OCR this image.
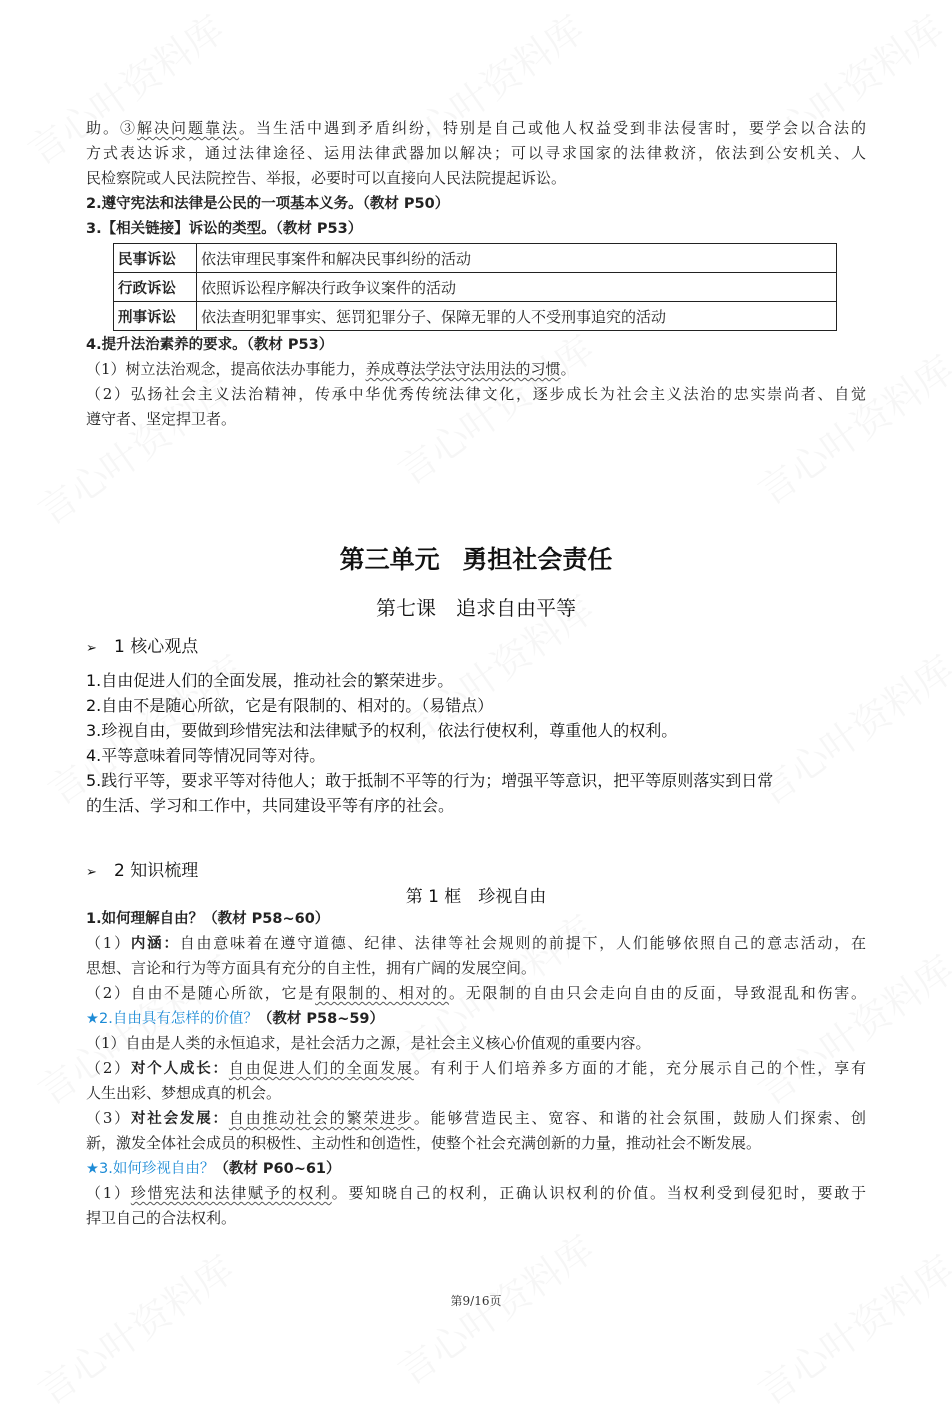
助。③解决问题靠法。当生活中遇到矛盾纠纷，特别是自己或他人权益受到非法侵害时，要学会以合法的
方式表达诉求，通过法律途径、运用法律武器加以解决；可以寻求国家的法律救济，依法到公安机关、人
民检察院或人民法院控告、举报，必要时可以直接向人民法院提起诉讼。
2.遵守宪法和法律是公民的一项基本义务。（教材 P50）
3.【相关链接】诉讼的类型。（教材 P53）
民事诉讼	依法审理民事案件和解决民事纠纷的活动
行政诉讼	依照诉讼程序解决行政争议案件的活动
刑事诉讼	依法查明犯罪事实、惩罚犯罪分子、保障无罪的人不受刑事追究的活动
4.提升法治素养的要求。（教材 P53）
（1）树立法治观念，提高依法办事能力，养成尊法学法守法用法的习惯。
（2）弘扬社会主义法治精神，传承中华优秀传统法律文化，逐步成长为社会主义法治的忠实崇尚者、自觉
遵守者、坚定捍卫者。
第三单元 勇担社会责任
第七课　追求自由平等
➢ 1 核心观点
1.自由促进人们的全面发展，推动社会的繁荣进步。
2.自由不是随心所欲，它是有限制的、相对的。（易错点）
3.珍视自由，要做到珍惜宪法和法律赋予的权利，依法行使权利，尊重他人的权利。
4.平等意味着同等情况同等对待。
5.践行平等，要求平等对待他人；敢于抵制不平等的行为；增强平等意识，把平等原则落实到日常
的生活、学习和工作中，共同建设平等有序的社会。
➢ 2 知识梳理
第 1 框　珍视自由
1.如何理解自由？（教材 P58~60）
（1）内涵：自由意味着在遵守道德、纪律、法律等社会规则的前提下，人们能够依照自己的意志活动，在
思想、言论和行为等方面具有充分的自主性，拥有广阔的发展空间。
（2）自由不是随心所欲，它是有限制的、相对的。无限制的自由只会走向自由的反面，导致混乱和伤害。
★2.自由具有怎样的价值？（教材 P58~59）
（1）自由是人类的永恒追求，是社会活力之源，是社会主义核心价值观的重要内容。
（2）对个人成长：自由促进人们的全面发展。有利于人们培养多方面的才能，充分展示自己的个性，享有
人生出彩、梦想成真的机会。
（3）对社会发展：自由推动社会的繁荣进步。能够营造民主、宽容、和谐的社会氛围，鼓励人们探索、创
新，激发全体社会成员的积极性、主动性和创造性，使整个社会充满创新的力量，推动社会不断发展。
★3.如何珍视自由？（教材 P60~61）
（1）珍惜宪法和法律赋予的权利。要知晓自己的权利，正确认识权利的价值。当权利受到侵犯时，要敢于
捍卫自己的合法权利。
第9/16页
